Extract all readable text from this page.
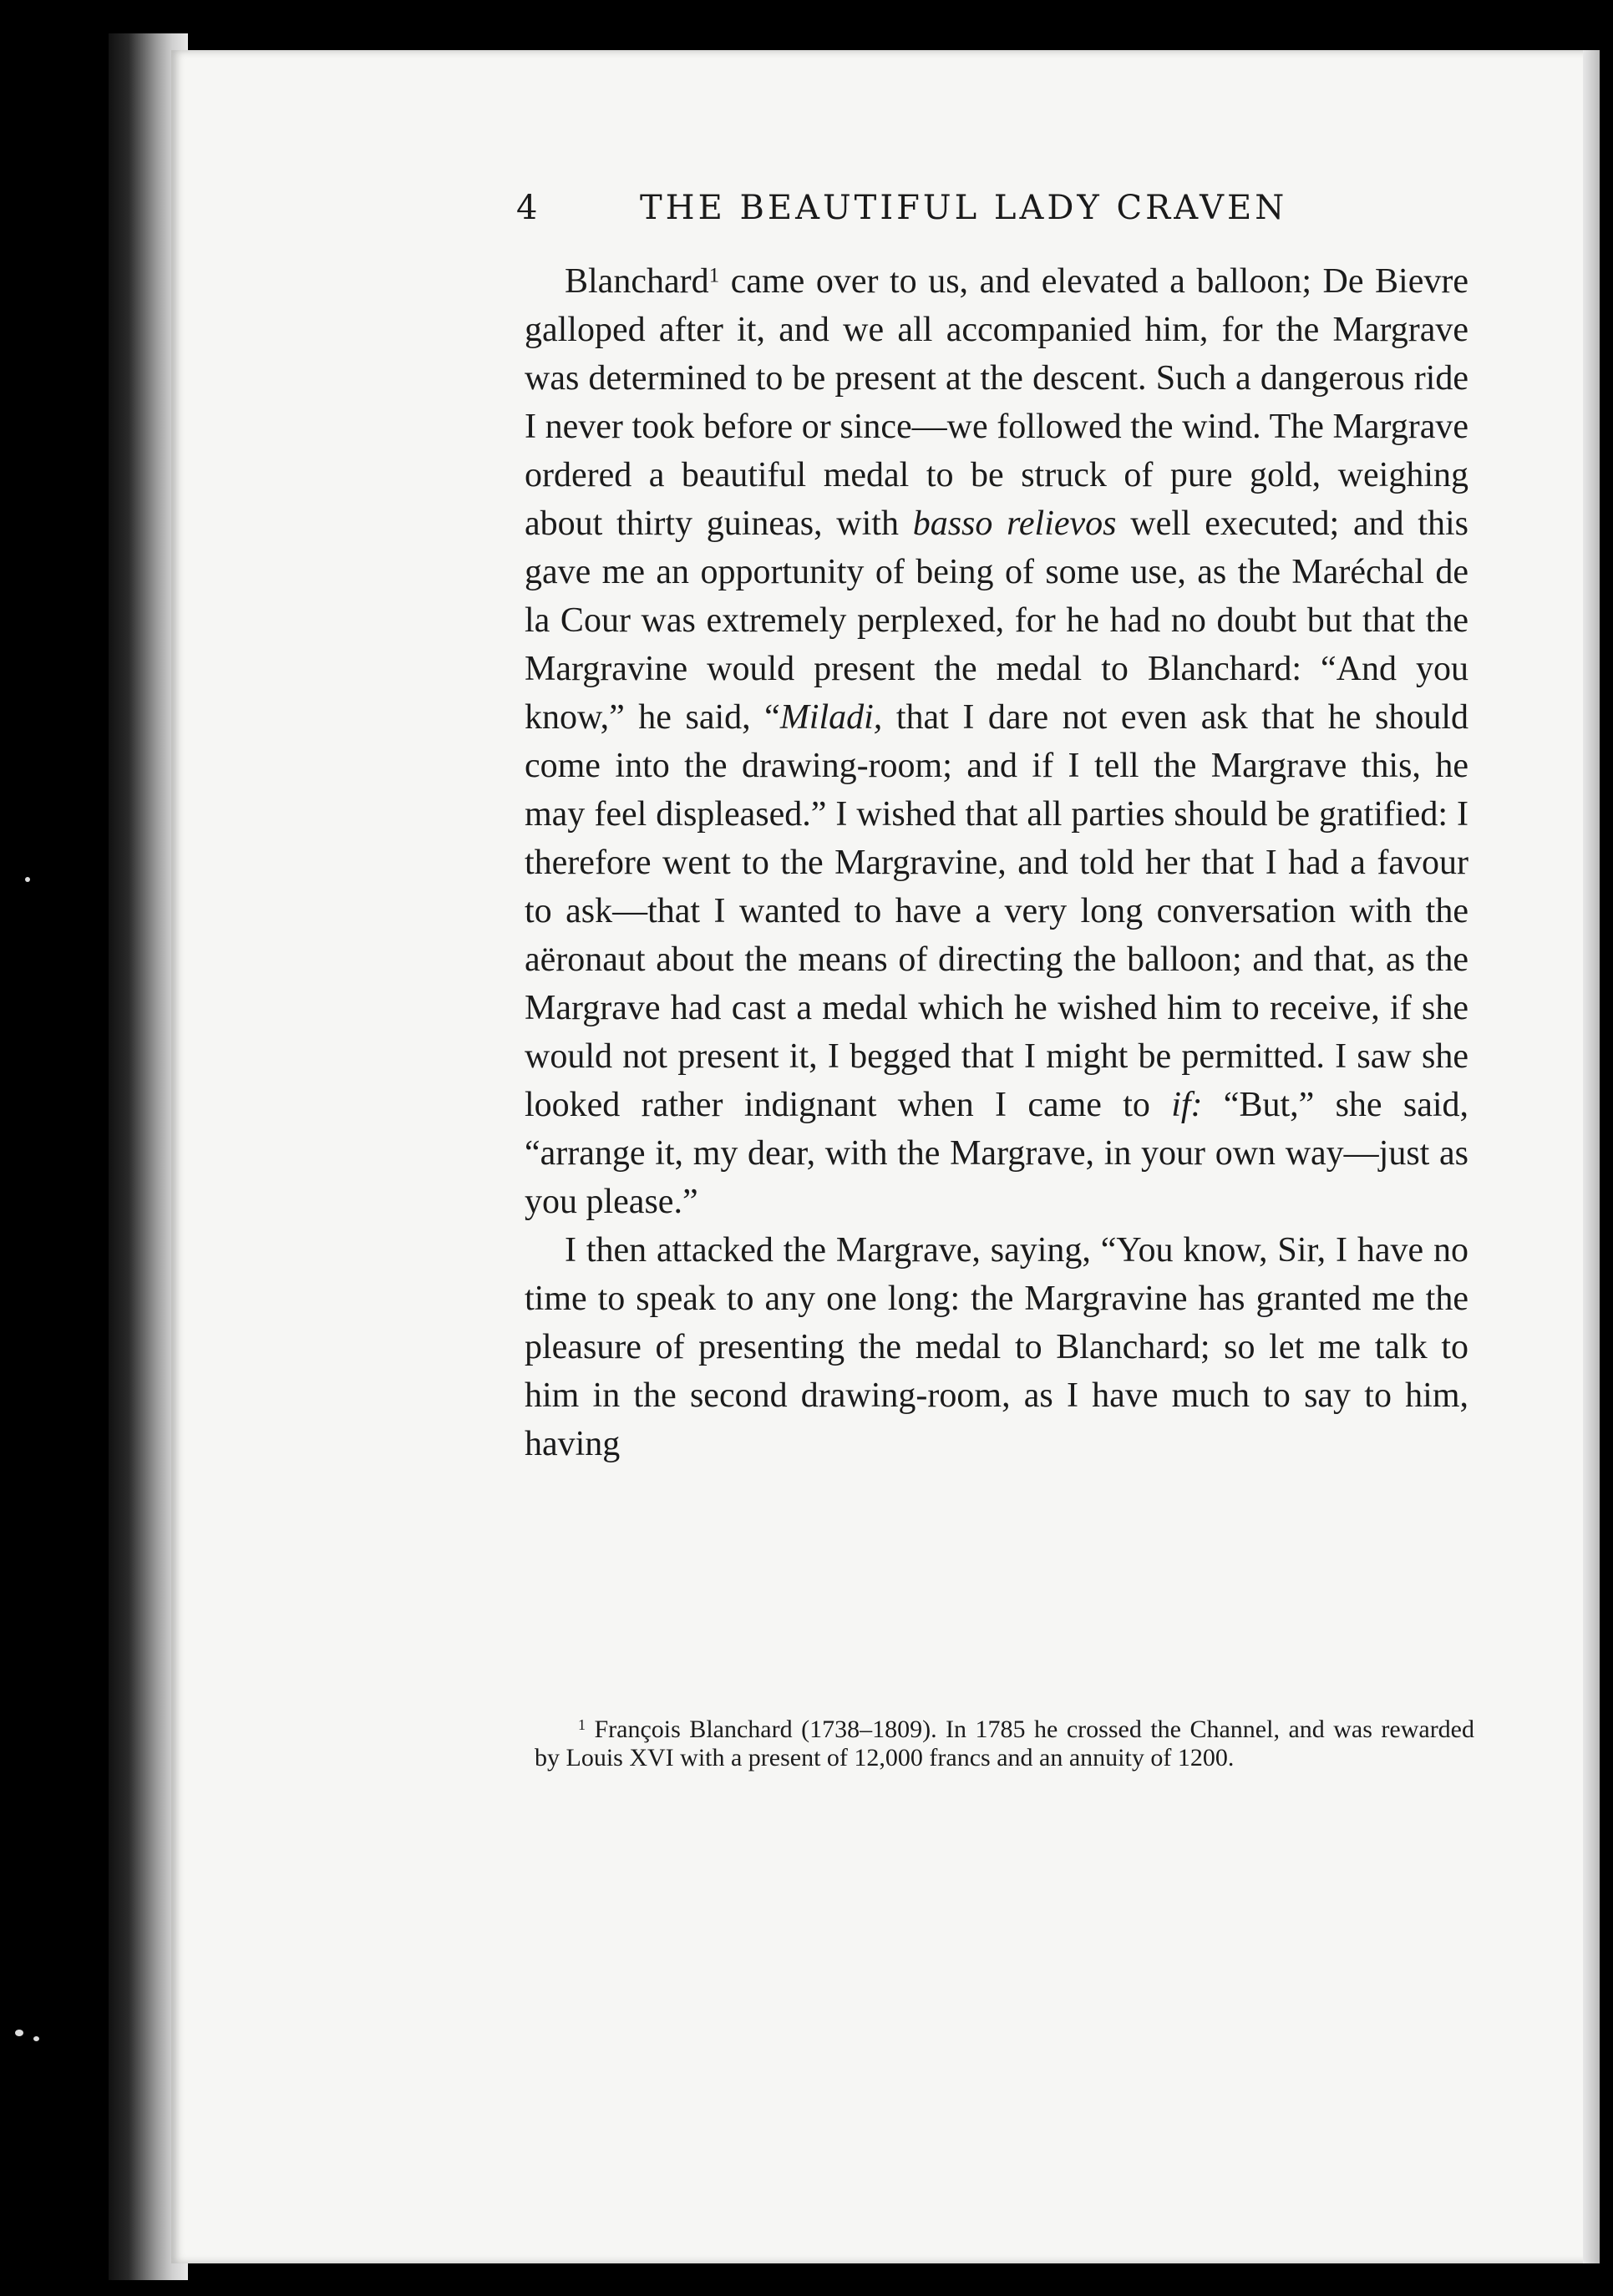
4	THE BEAUTIFUL LADY CRAVEN

Blanchard$^1$ came over to us, and elevated a balloon; De Bievre galloped after it, and we all accompanied him, for the Margrave was determined to be present at the descent. Such a dangerous ride I never took before or since—we followed the wind. The Margrave ordered a beautiful medal to be struck of pure gold, weighing about thirty guineas, with basso relievos well executed; and this gave me an opportunity of being of some use, as the Maréchal de la Cour was extremely perplexed, for he had no doubt but that the Margravine would present the medal to Blanchard: “And you know,” he said, “Miladi, that I dare not even ask that he should come into the drawing-room; and if I tell the Margrave this, he may feel displeased.” I wished that all parties should be gratified: I therefore went to the Margravine, and told her that I had a favour to ask—that I wanted to have a very long conversation with the aëronaut about the means of directing the balloon; and that, as the Margrave had cast a medal which he wished him to receive, if she would not present it, I begged that I might be permitted. I saw she looked rather indignant when I came to if: “But,” she said, “arrange it, my dear, with the Margrave, in your own way—just as you please.”

I then attacked the Margrave, saying, “You know, Sir, I have no time to speak to any one long: the Margravine has granted me the pleasure of presenting the medal to Blanchard; so let me talk to him in the second drawing-room, as I have much to say to him, having

$^1$ François Blanchard (1738–1809). In 1785 he crossed the Channel, and was rewarded by Louis XVI with a present of 12,000 francs and an annuity of 1200.
